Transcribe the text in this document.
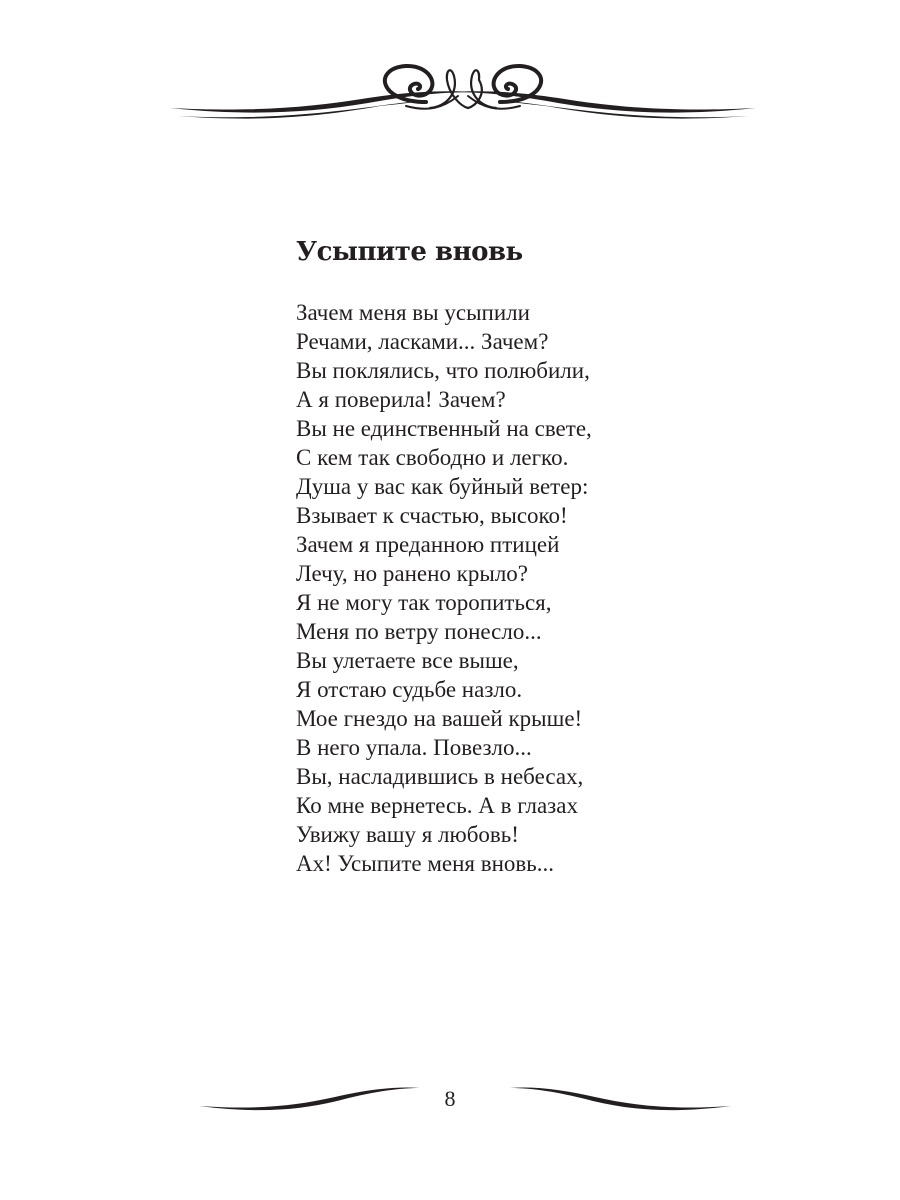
Усыпите вновь
Зачем меня вы усыпили
Речами, ласками... Зачем?
Вы поклялись, что полюбили,
А я поверила! Зачем?
Вы не единственный на свете,
С кем так свободно и легко.
Душа у вас как буйный ветер:
Взывает к счастью, высоко!
Зачем я преданною птицей
Лечу, но ранено крыло?
Я не могу так торопиться,
Меня по ветру понесло...
Вы улетаете все выше,
Я отстаю судьбе назло.
Мое гнездо на вашей крыше!
В него упала. Повезло...
Вы, насладившись в небесах,
Ко мне вернетесь. А в глазах
Увижу вашу я любовь!
Ах! Усыпите меня вновь...
8
